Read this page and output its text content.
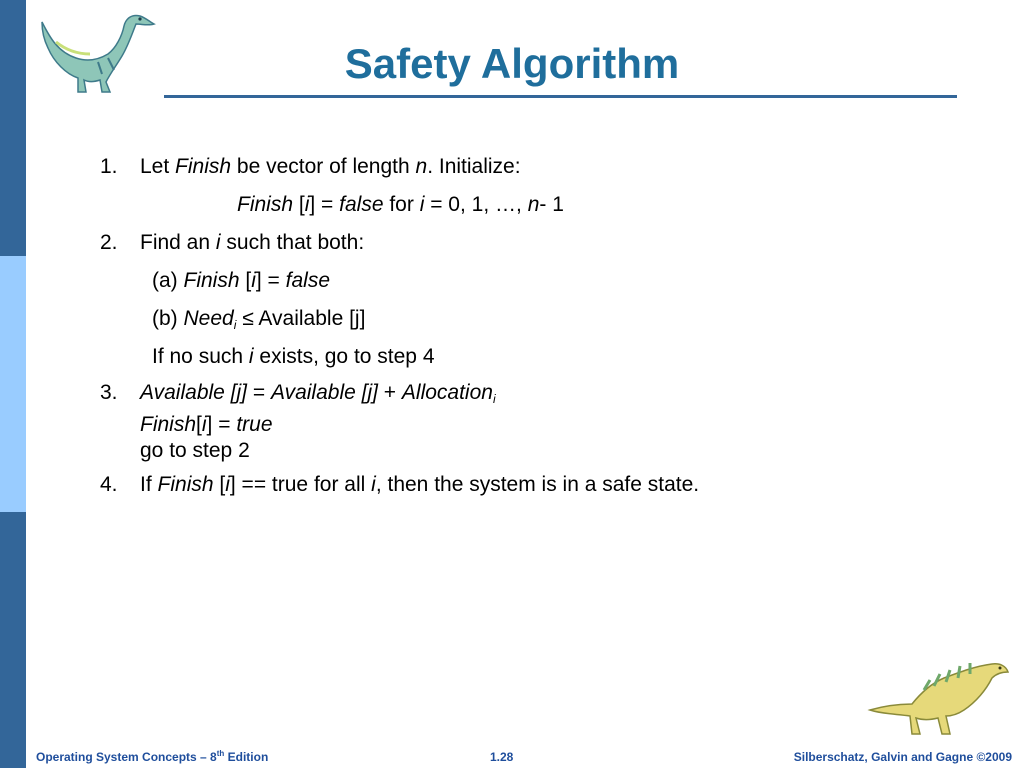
Safety Algorithm
1.	Let Finish be vector of length n. Initialize:
Finish [i] = false for i = 0, 1, …, n- 1
2.	Find an i such that both:
(a) Finish [i] = false
(b) Need$_i$ ≤ Available [j]
If no such i exists, go to step 4
3.	Available [j] = Available [j] + Allocation$_i$
Finish[i] = true
go to step 2
4.	If Finish [i] == true for all i, then the system is in a safe state.
Operating System Concepts – 8th Edition	1.28	Silberschatz, Galvin and Gagne ©2009
